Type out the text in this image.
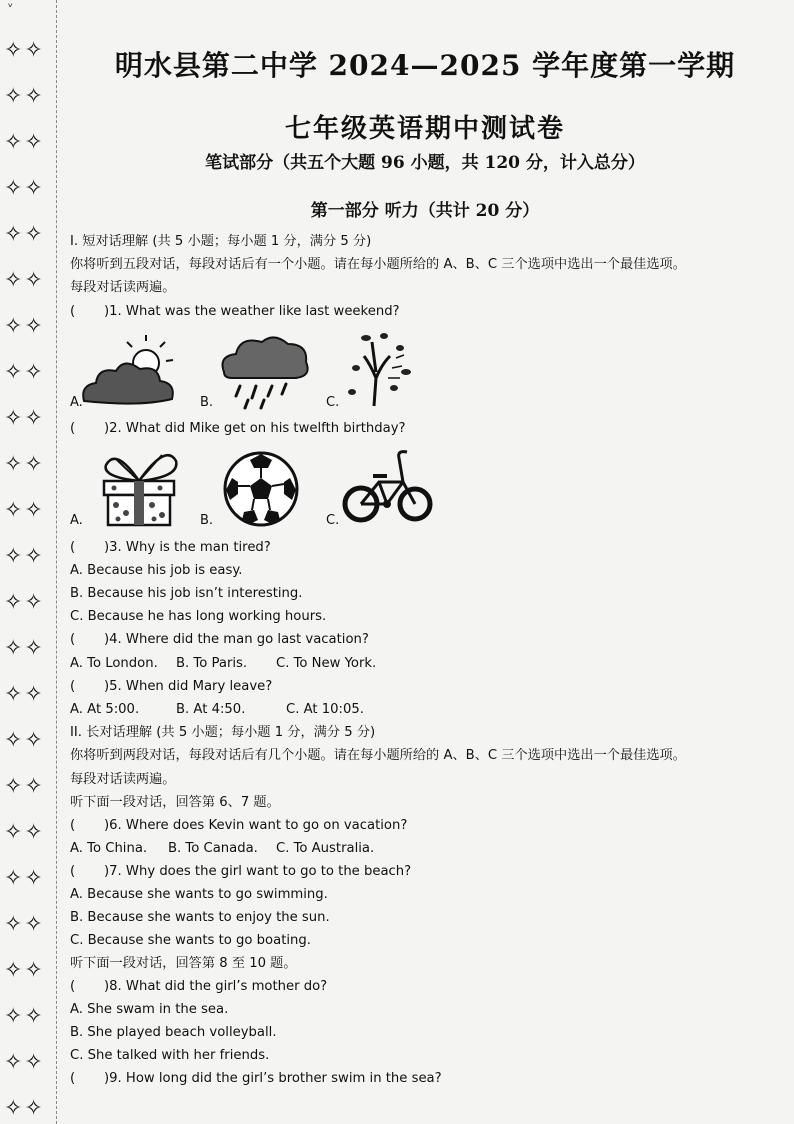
ᵛ
✧✧
✧✧
✧✧
✧✧
✧✧
✧✧
✧✧
✧✧
✧✧
✧✧
✧✧
✧✧
✧✧
✧✧
✧✧
✧✧
✧✧
✧✧
✧✧
✧✧
✧✧
✧✧
✧✧
✧✧
明水县第二中学 2024—2025 学年度第一学期
七年级英语期中测试卷
笔试部分（共五个大题 96 小题，共 120 分，计入总分）
第一部分 听力（共计 20 分）
I. 短对话理解 (共 5 小题；每小题 1 分，满分 5 分)
你将听到五段对话，每段对话后有一个小题。请在每小题所给的 A、B、C 三个选项中选出一个最佳选项。
每段对话读两遍。
( )1. What was the weather like last weekend?
A.	B.	C.
( )2. What did Mike get on his twelfth birthday?
A.	B.	C.
( )3. Why is the man tired?
A. Because his job is easy.
B. Because his job isn’t interesting.
C. Because he has long working hours.
( )4. Where did the man go last vacation?
A. To London. B. To Paris. C. To New York.
( )5. When did Mary leave?
A. At 5:00.	B. At 4:50.	C. At 10:05.
II. 长对话理解 (共 5 小题；每小题 1 分，满分 5 分)
你将听到两段对话，每段对话后有几个小题。请在每小题所给的 A、B、C 三个选项中选出一个最佳选项。
每段对话读两遍。
听下面一段对话，回答第 6、7 题。
( )6. Where does Kevin want to go on vacation?
A. To China. B. To Canada. C. To Australia.
( )7. Why does the girl want to go to the beach?
A. Because she wants to go swimming.
B. Because she wants to enjoy the sun.
C. Because she wants to go boating.
听下面一段对话，回答第 8 至 10 题。
( )8. What did the girl’s mother do?
A. She swam in the sea.
B. She played beach volleyball.
C. She talked with her friends.
( )9. How long did the girl’s brother swim in the sea?
